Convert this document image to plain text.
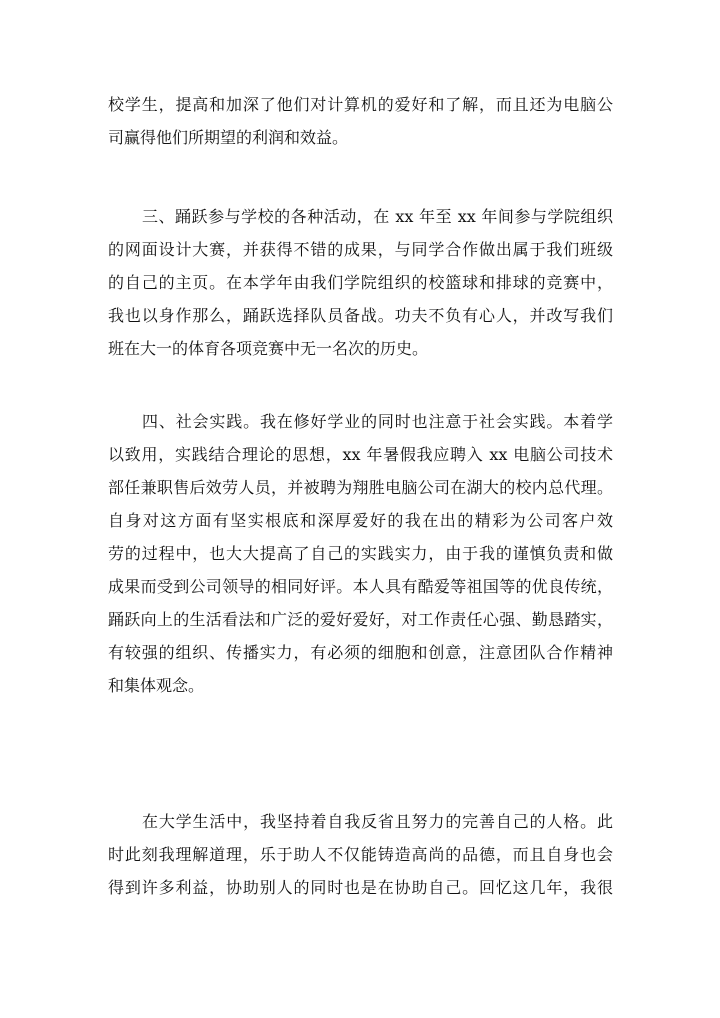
校学生，提高和加深了他们对计算机的爱好和了解，而且还为电脑公
司赢得他们所期望的利润和效益。
三、踊跃参与学校的各种活动，在 xx 年至 xx 年间参与学院组织
的网面设计大赛，并获得不错的成果，与同学合作做出属于我们班级
的自己的主页。在本学年由我们学院组织的校篮球和排球的竞赛中，
我也以身作那么，踊跃选择队员备战。功夫不负有心人，并改写我们
班在大一的体育各项竞赛中无一名次的历史。
四、社会实践。我在修好学业的同时也注意于社会实践。本着学
以致用，实践结合理论的思想，xx 年暑假我应聘入 xx 电脑公司技术
部任兼职售后效劳人员，并被聘为翔胜电脑公司在湖大的校内总代理。
自身对这方面有坚实根底和深厚爱好的我在出的精彩为公司客户效
劳的过程中，也大大提高了自己的实践实力，由于我的谨慎负责和做
成果而受到公司领导的相同好评。本人具有酷爱等祖国等的优良传统，
踊跃向上的生活看法和广泛的爱好爱好，对工作责任心强、勤恳踏实，
有较强的组织、传播实力，有必须的细胞和创意，注意团队合作精神
和集体观念。
在大学生活中，我坚持着自我反省且努力的完善自己的人格。此
时此刻我理解道理，乐于助人不仅能铸造高尚的品德，而且自身也会
得到许多利益，协助别人的同时也是在协助自己。回忆这几年，我很
